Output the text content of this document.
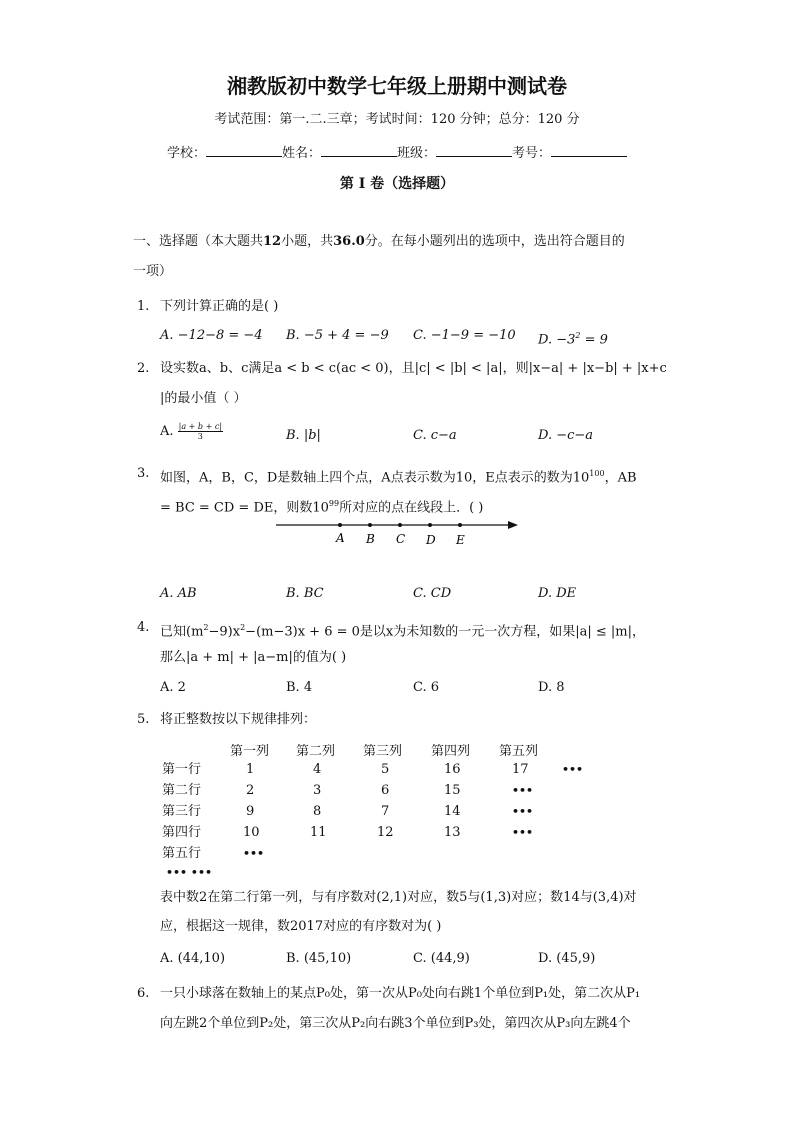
湘教版初中数学七年级上册期中测试卷
考试范围：第一.二.三章；考试时间：120 分钟；总分：120 分
学校：	姓名：	班级：	考号：
第 I 卷（选择题）
一、选择题（本大题共12小题，共36.0分。在每小题列出的选项中，选出符合题目的
一项）
1. 下列计算正确的是( )
A. −12−8 = −4 B. −5 + 4 = −9 C. −1−9 = −10 D. $-3^2 = 9$
2. 设实数a、b、c满足a < b < c(ac < 0)，且|c| < |b| < |a|，则|x−a| + |x−b| + |x+c
|的最小值（ ）
A. $\frac{|a + b + c|}{3}$	B. |b|	C. c−a	D. −c−a
3. 如图，A，B，C，D是数轴上四个点，A点表示数为10，E点表示的数为$10^{100}$，AB
= BC = CD = DE，则数$10^{99}$所对应的点在线段上．( )
A B C D E
A. AB	B. BC	C. CD	D. DE
4. 已知$(m^2-9)x^2-(m-3)x + 6 = 0$是以x为未知数的一元一次方程，如果|a| ≤ |m|，
那么|a + m| + |a−m|的值为( )
A. 2	B. 4	C. 6	D. 8
5. 将正整数按以下规律排列：
第一列 第二列 第三列 第四列 第五列
第一行	1	4	5	16	17	•••
第二行	2	3	6	15	•••
第三行	9	8	7	14	•••
第四行	10	11	12	13	•••
第五行	•••
••• •••
表中数2在第二行第一列，与有序数对(2,1)对应，数5与(1,3)对应；数14与(3,4)对
应，根据这一规律，数2017对应的有序数对为( )
A. (44,10)	B. (45,10)	C. (44,9)	D. (45,9)
6. 一只小球落在数轴上的某点P₀处，第一次从P₀处向右跳1个单位到P₁处，第二次从P₁
向左跳2个单位到P₂处，第三次从P₂向右跳3个单位到P₃处，第四次从P₃向左跳4个
